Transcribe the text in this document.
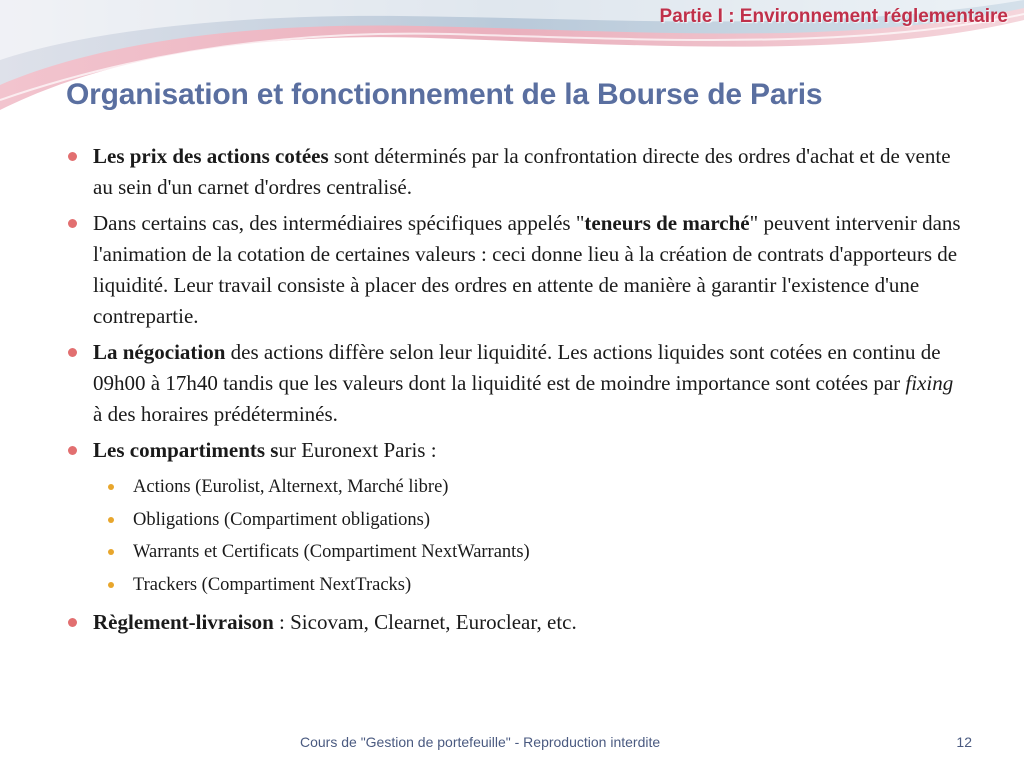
Partie I : Environnement réglementaire
Organisation et fonctionnement de la Bourse de Paris
Les prix des actions cotées sont déterminés par la confrontation directe des ordres d'achat et de vente au sein d'un carnet d'ordres centralisé.
Dans certains cas, des intermédiaires spécifiques appelés "teneurs de marché" peuvent intervenir dans l'animation de la cotation de certaines valeurs : ceci donne lieu à la création de contrats d'apporteurs de liquidité. Leur travail consiste à placer des ordres en attente de manière à garantir l'existence d'une contrepartie.
La négociation des actions diffère selon leur liquidité. Les actions liquides sont cotées en continu de 09h00 à 17h40 tandis que les valeurs dont la liquidité est de moindre importance sont cotées par fixing à des horaires prédéterminés.
Les compartiments sur Euronext Paris :
Actions (Eurolist, Alternext, Marché libre)
Obligations (Compartiment obligations)
Warrants et Certificats (Compartiment NextWarrants)
Trackers (Compartiment NextTracks)
Règlement-livraison : Sicovam, Clearnet, Euroclear, etc.
Cours de "Gestion de portefeuille" - Reproduction interdite	12
